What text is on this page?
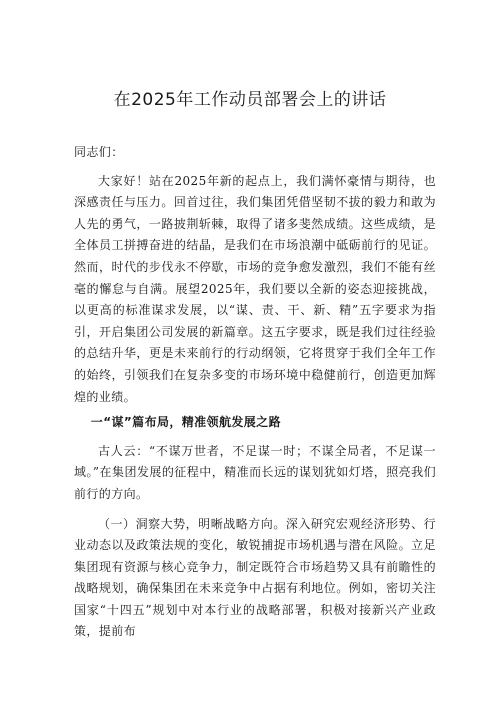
在2025年工作动员部署会上的讲话

同志们：

大家好！站在2025年新的起点上，我们满怀豪情与期待，也深感责任与压力。回首过往，我们集团凭借坚韧不拔的毅力和敢为人先的勇气，一路披荆斩棘，取得了诸多斐然成绩。这些成绩，是全体员工拼搏奋进的结晶，是我们在市场浪潮中砥砺前行的见证。然而，时代的步伐永不停歇，市场的竞争愈发激烈，我们不能有丝毫的懈怠与自满。展望2025年，我们要以全新的姿态迎接挑战，以更高的标准谋求发展，以“谋、责、干、新、精”五字要求为指引，开启集团公司发展的新篇章。这五字要求，既是我们过往经验的总结升华，更是未来前行的行动纲领，它将贯穿于我们全年工作的始终，引领我们在复杂多变的市场环境中稳健前行，创造更加辉煌的业绩。

一“谋”篇布局，精准领航发展之路

古人云：“不谋万世者，不足谋一时；不谋全局者，不足谋一域。”在集团发展的征程中，精准而长远的谋划犹如灯塔，照亮我们前行的方向。

（一）洞察大势，明晰战略方向。深入研究宏观经济形势、行业动态以及政策法规的变化，敏锐捕捉市场机遇与潜在风险。立足集团现有资源与核心竞争力，制定既符合市场趋势又具有前瞻性的战略规划，确保集团在未来竞争中占据有利地位。例如，密切关注国家“十四五”规划中对本行业的战略部署，积极对接新兴产业政策，提前布
